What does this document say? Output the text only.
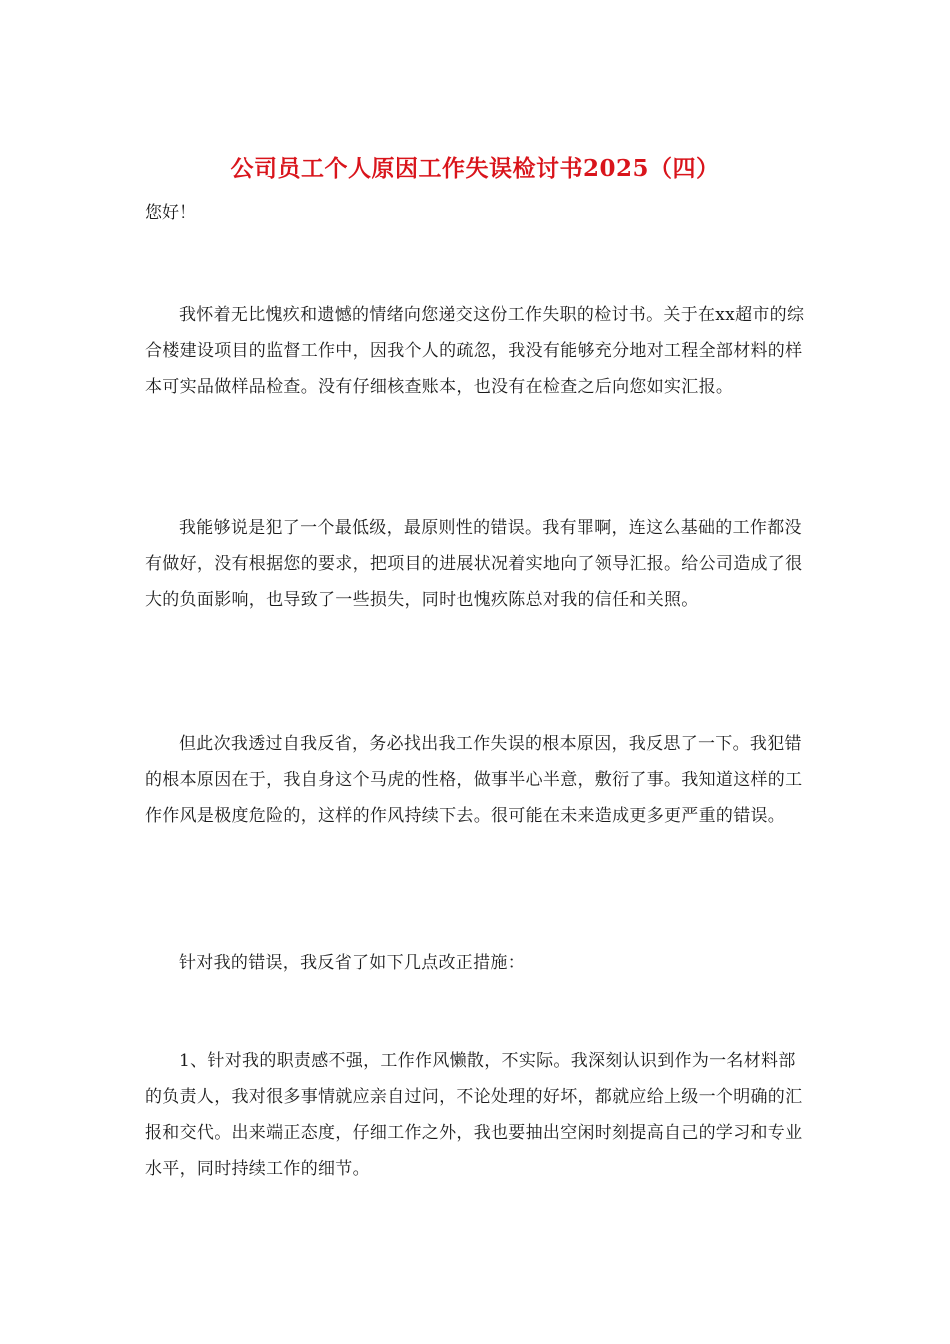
公司员工个人原因工作失误检讨书2025（四）
您好！

我怀着无比愧疚和遗憾的情绪向您递交这份工作失职的检讨书。关于在xx超市的综合楼建设项目的监督工作中，因我个人的疏忽，我没有能够充分地对工程全部材料的样本可实品做样品检查。没有仔细核查账本，也没有在检查之后向您如实汇报。

我能够说是犯了一个最低级，最原则性的错误。我有罪啊，连这么基础的工作都没有做好，没有根据您的要求，把项目的进展状况着实地向了领导汇报。给公司造成了很大的负面影响，也导致了一些损失，同时也愧疚陈总对我的信任和关照。

但此次我透过自我反省，务必找出我工作失误的根本原因，我反思了一下。我犯错的根本原因在于，我自身这个马虎的性格，做事半心半意，敷衍了事。我知道这样的工作作风是极度危险的，这样的作风持续下去。很可能在未来造成更多更严重的错误。

针对我的错误，我反省了如下几点改正措施：

1、针对我的职责感不强，工作作风懒散，不实际。我深刻认识到作为一名材料部的负责人，我对很多事情就应亲自过问，不论处理的好坏，都就应给上级一个明确的汇报和交代。出来端正态度，仔细工作之外，我也要抽出空闲时刻提高自己的学习和专业水平，同时持续工作的细节。
